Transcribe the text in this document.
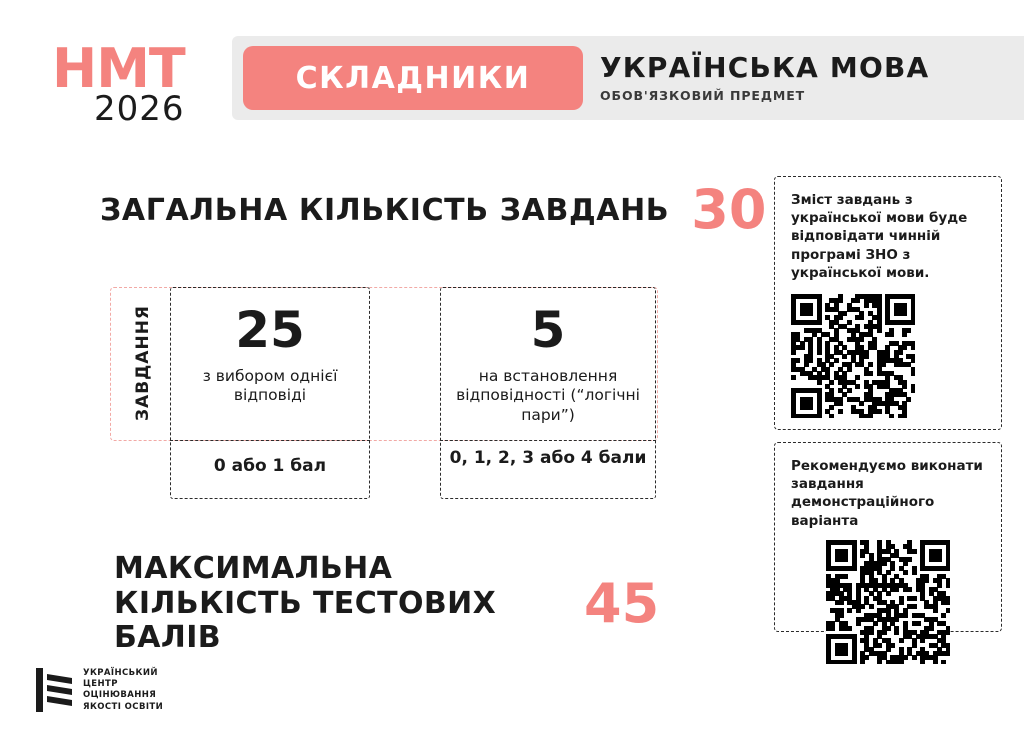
НМТ
2026
СКЛАДНИКИ УКРАЇНСЬКА МОВА
ОБОВ'ЯЗКОВИЙ ПРЕДМЕТ
ЗАГАЛЬНА КІЛЬКІСТЬ ЗАВДАНЬ 30
ЗАВДАННЯ 25
з вибором однієї відповіді
0 або 1 бал
5
на встановлення відповідності (“логічні пари”)
0, 1, 2, 3 або 4 бали
МАКСИМАЛЬНА КІЛЬКІСТЬ ТЕСТОВИХ БАЛІВ
45
Зміст завдань з української мови буде відповідати чинній програмі ЗНО з української мови.
Рекомендуємо виконати завдання демонстраційного варіанта
УКРАЇНСЬКИЙ
ЦЕНТР
ОЦІНЮВАННЯ
ЯКОСТІ ОСВІТИ
